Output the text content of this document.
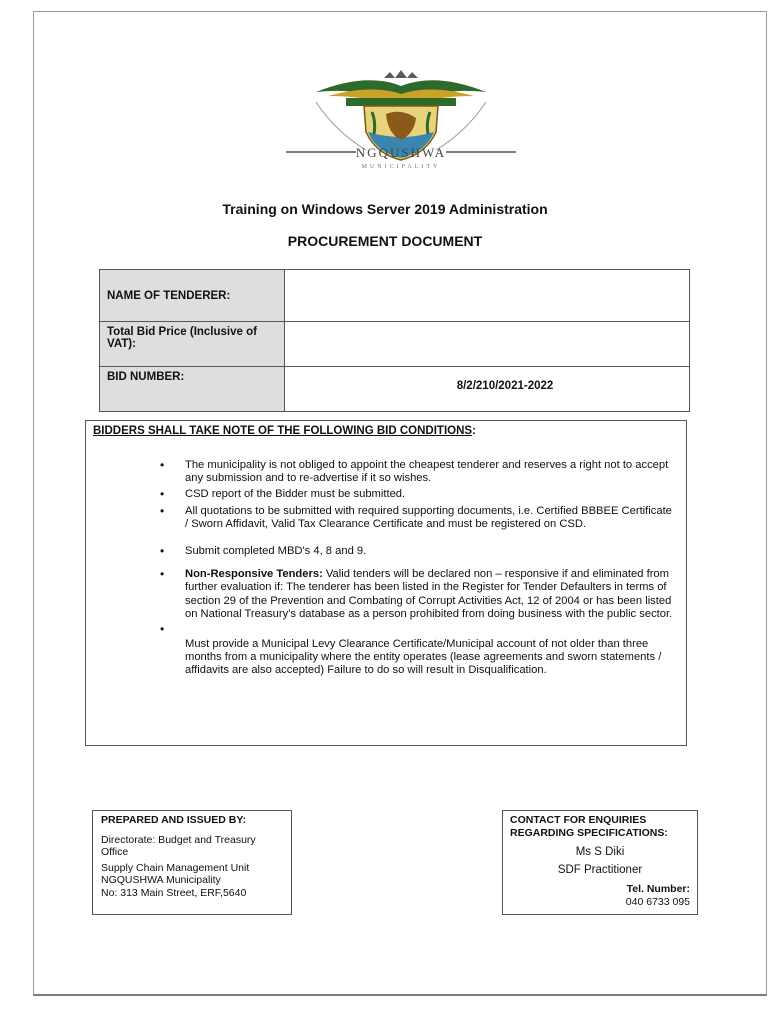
NGQUSHWA
MUNICIPALITY
Training on Windows Server 2019 Administration
PROCUREMENT DOCUMENT
NAME OF TENDERER:	
Total Bid Price (Inclusive of VAT):	
BID NUMBER:	8/2/210/2021-2022
BIDDERS SHALL TAKE NOTE OF THE FOLLOWING BID CONDITIONS:
• The municipality is not obliged to appoint the cheapest tenderer and reserves a right not to accept any submission and to re-advertise if it so wishes.
• CSD report of the Bidder must be submitted.
• All quotations to be submitted with required supporting documents, i.e. Certified BBBEE Certificate / Sworn Affidavit, Valid Tax Clearance Certificate and must be registered on CSD.
• Submit completed MBD's 4, 8 and 9.
• Non-Responsive Tenders: Valid tenders will be declared non – responsive if and eliminated from further evaluation if: The tenderer has been listed in the Register for Tender Defaulters in terms of section 29 of the Prevention and Combating of Corrupt Activities Act, 12 of 2004 or has been listed on National Treasury's database as a person prohibited from doing business with the public sector.
•
Must provide a Municipal Levy Clearance Certificate/Municipal account of not older than three months from a municipality where the entity operates (lease agreements and sworn statements / affidavits are also accepted) Failure to do so will result in Disqualification.
PREPARED AND ISSUED BY:
Directorate: Budget and Treasury Office
Supply Chain Management Unit
NGQUSHWA Municipality
No: 313 Main Street, ERF,5640
CONTACT FOR ENQUIRIES
REGARDING SPECIFICATIONS:
Ms S Diki
SDF Practitioner
Tel. Number:
040 6733 095
